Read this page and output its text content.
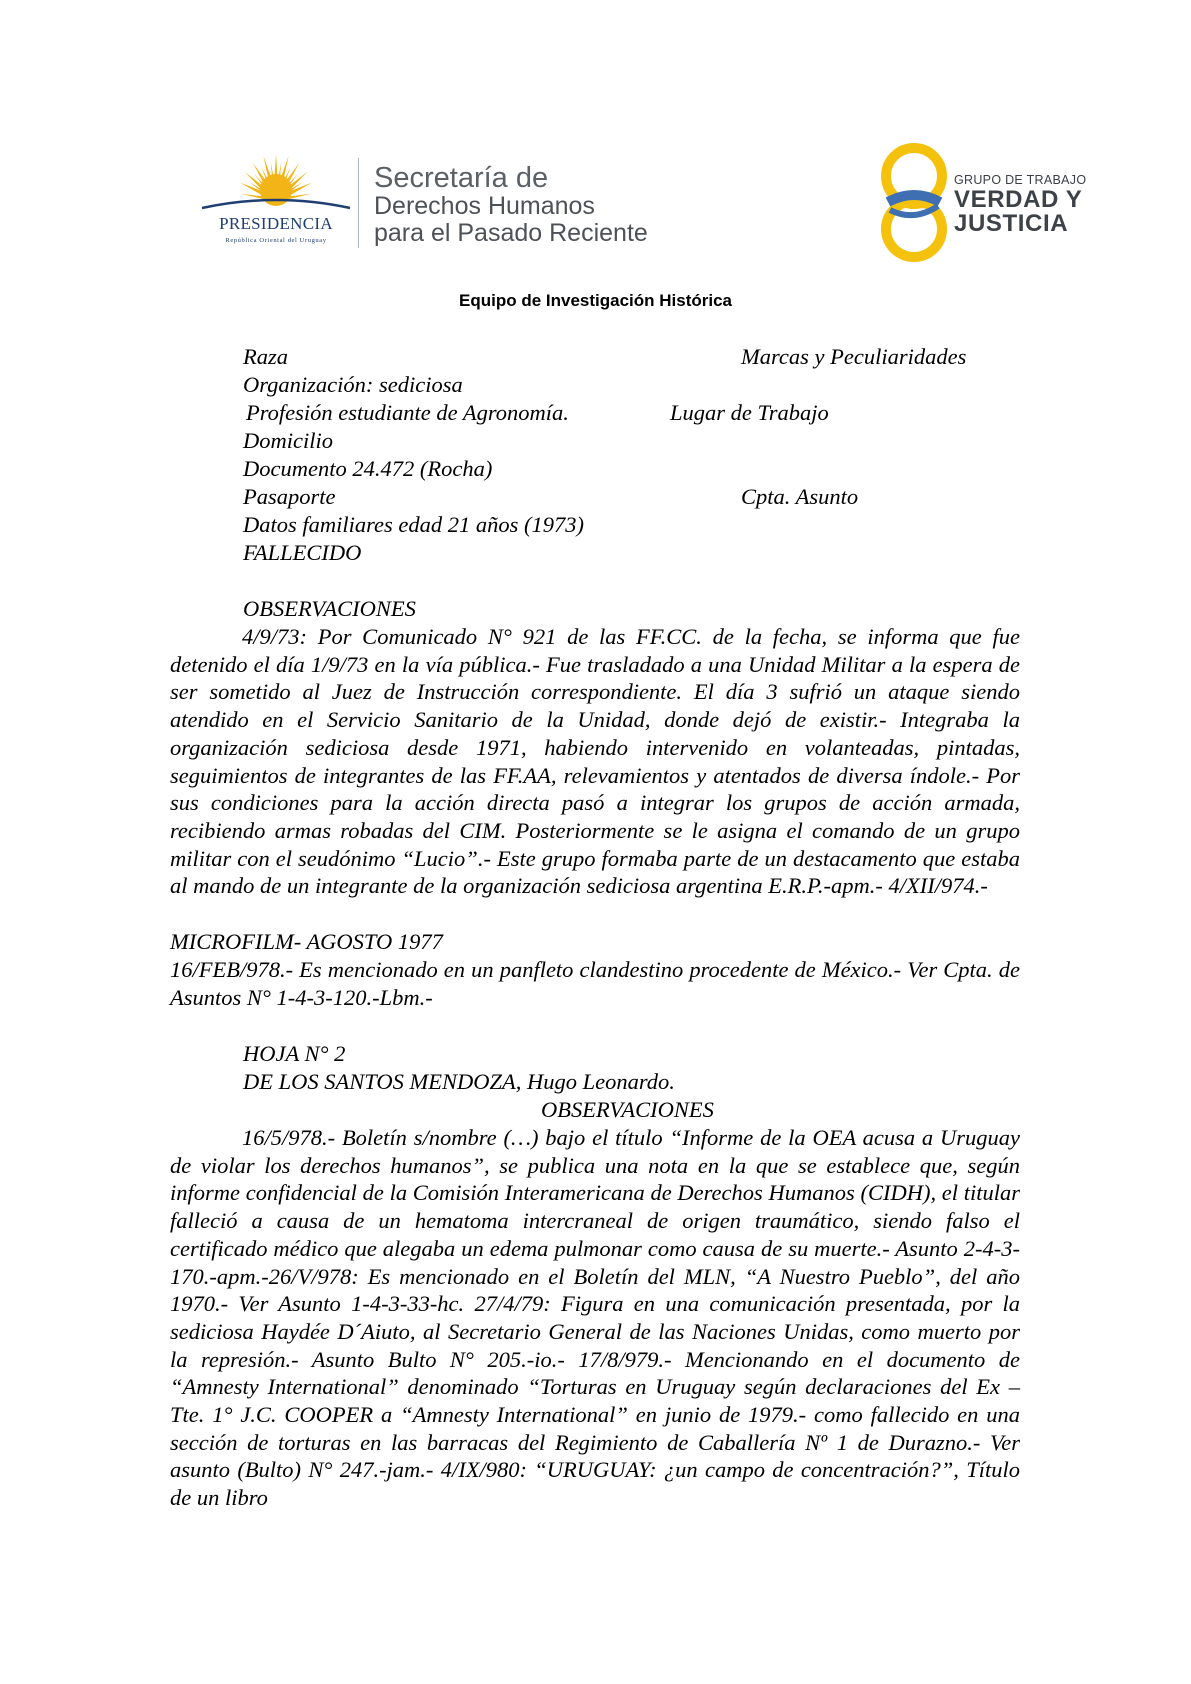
PRESIDENCIA
República Oriental del Uruguay
Secretaría de
Derechos Humanos
para el Pasado Reciente
GRUPO DE TRABAJO
VERDAD Y
JUSTICIA
Equipo de Investigación Histórica
Raza	Marcas y Peculiaridades
Organización: sediciosa
Profesión estudiante de Agronomía.	Lugar de Trabajo
Domicilio
Documento 24.472 (Rocha)
Pasaporte	Cpta. Asunto
Datos familiares edad 21 años (1973)
FALLECIDO
OBSERVACIONES
4/9/73: Por Comunicado N° 921 de las FF.CC. de la fecha, se informa que fue detenido el día 1/9/73 en la vía pública.- Fue trasladado a una Unidad Militar a la espera de ser sometido al Juez de Instrucción correspondiente. El día 3 sufrió un ataque siendo atendido en el Servicio Sanitario de la Unidad, donde dejó de existir.- Integraba la organización sediciosa desde 1971, habiendo intervenido en volanteadas, pintadas, seguimientos de integrantes de las FF.AA, relevamientos y atentados de diversa índole.- Por sus condiciones para la acción directa pasó a integrar los grupos de acción armada, recibiendo armas robadas del CIM. Posteriormente se le asigna el comando de un grupo militar con el seudónimo “Lucio”.- Este grupo formaba parte de un destacamento que estaba al mando de un integrante de la organización sediciosa argentina E.R.P.-apm.- 4/XII/974.-
MICROFILM- AGOSTO 1977
16/FEB/978.- Es mencionado en un panfleto clandestino procedente de México.- Ver Cpta. de Asuntos N° 1-4-3-120.-Lbm.-
HOJA N° 2
DE LOS SANTOS MENDOZA, Hugo Leonardo.
OBSERVACIONES
16/5/978.- Boletín s/nombre (…) bajo el título “Informe de la OEA acusa a Uruguay de violar los derechos humanos”, se publica una nota en la que se establece que, según informe confidencial de la Comisión Interamericana de Derechos Humanos (CIDH), el titular falleció a causa de un hematoma intercraneal de origen traumático, siendo falso el certificado médico que alegaba un edema pulmonar como causa de su muerte.- Asunto 2-4-3-170.-apm.-26/V/978: Es mencionado en el Boletín del MLN, “A Nuestro Pueblo”, del año 1970.- Ver Asunto 1-4-3-33-hc. 27/4/79: Figura en una comunicación presentada, por la sediciosa Haydée D´Aiuto, al Secretario General de las Naciones Unidas, como muerto por la represión.- Asunto Bulto N° 205.-io.- 17/8/979.- Mencionando en el documento de “Amnesty International” denominado “Torturas en Uruguay según declaraciones del Ex – Tte. 1° J.C. COOPER a “Amnesty International” en junio de 1979.- como fallecido en una sección de torturas en las barracas del Regimiento de Caballería Nº 1 de Durazno.- Ver asunto (Bulto) N° 247.-jam.- 4/IX/980: “URUGUAY: ¿un campo de concentración?”, Título de un libro
